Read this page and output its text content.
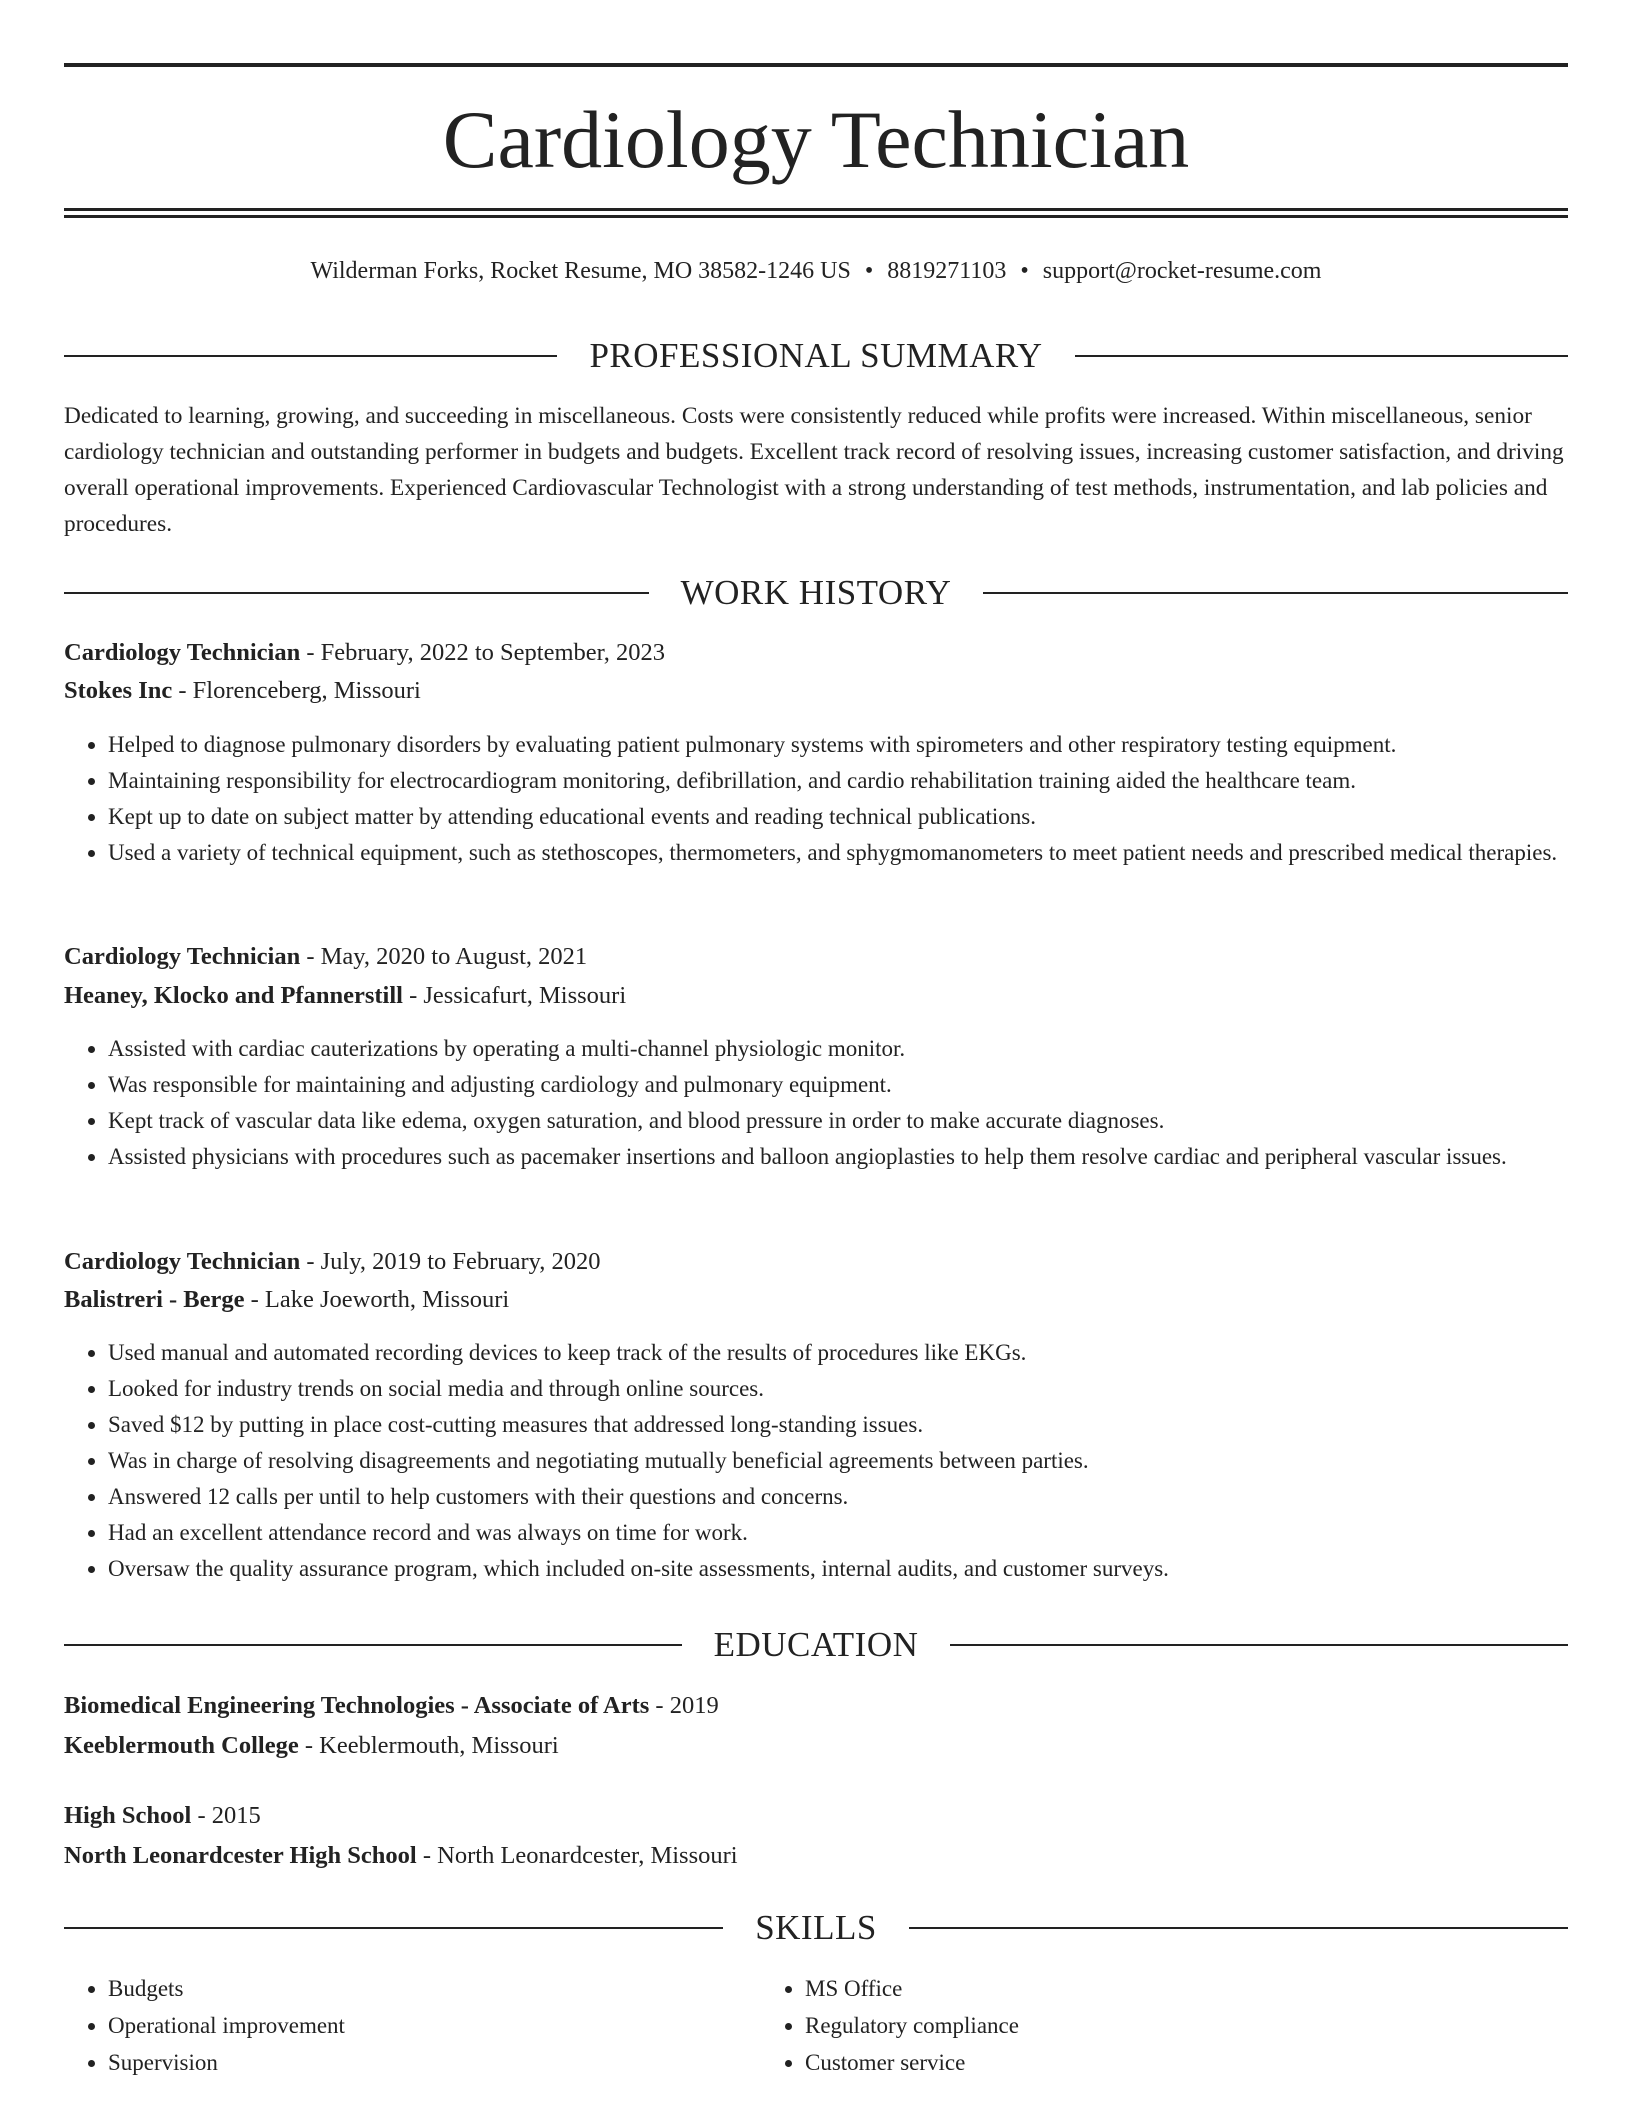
Cardiology Technician
Wilderman Forks, Rocket Resume, MO 38582-1246 US • 8819271103 • support@rocket-resume.com
PROFESSIONAL SUMMARY
Dedicated to learning, growing, and succeeding in miscellaneous. Costs were consistently reduced while profits were increased. Within miscellaneous, senior cardiology technician and outstanding performer in budgets and budgets. Excellent track record of resolving issues, increasing customer satisfaction, and driving overall operational improvements. Experienced Cardiovascular Technologist with a strong understanding of test methods, instrumentation, and lab policies and procedures.
WORK HISTORY
Cardiology Technician - February, 2022 to September, 2023
Stokes Inc - Florenceberg, Missouri
• Helped to diagnose pulmonary disorders by evaluating patient pulmonary systems with spirometers and other respiratory testing equipment.
• Maintaining responsibility for electrocardiogram monitoring, defibrillation, and cardio rehabilitation training aided the healthcare team.
• Kept up to date on subject matter by attending educational events and reading technical publications.
• Used a variety of technical equipment, such as stethoscopes, thermometers, and sphygmomanometers to meet patient needs and prescribed medical therapies.
Cardiology Technician - May, 2020 to August, 2021
Heaney, Klocko and Pfannerstill - Jessicafurt, Missouri
• Assisted with cardiac cauterizations by operating a multi-channel physiologic monitor.
• Was responsible for maintaining and adjusting cardiology and pulmonary equipment.
• Kept track of vascular data like edema, oxygen saturation, and blood pressure in order to make accurate diagnoses.
• Assisted physicians with procedures such as pacemaker insertions and balloon angioplasties to help them resolve cardiac and peripheral vascular issues.
Cardiology Technician - July, 2019 to February, 2020
Balistreri - Berge - Lake Joeworth, Missouri
• Used manual and automated recording devices to keep track of the results of procedures like EKGs.
• Looked for industry trends on social media and through online sources.
• Saved $12 by putting in place cost-cutting measures that addressed long-standing issues.
• Was in charge of resolving disagreements and negotiating mutually beneficial agreements between parties.
• Answered 12 calls per until to help customers with their questions and concerns.
• Had an excellent attendance record and was always on time for work.
• Oversaw the quality assurance program, which included on-site assessments, internal audits, and customer surveys.
EDUCATION
Biomedical Engineering Technologies - Associate of Arts - 2019
Keeblermouth College - Keeblermouth, Missouri
High School - 2015
North Leonardcester High School - North Leonardcester, Missouri
SKILLS
• Budgets
• Operational improvement
• Supervision
• MS Office
• Regulatory compliance
• Customer service
